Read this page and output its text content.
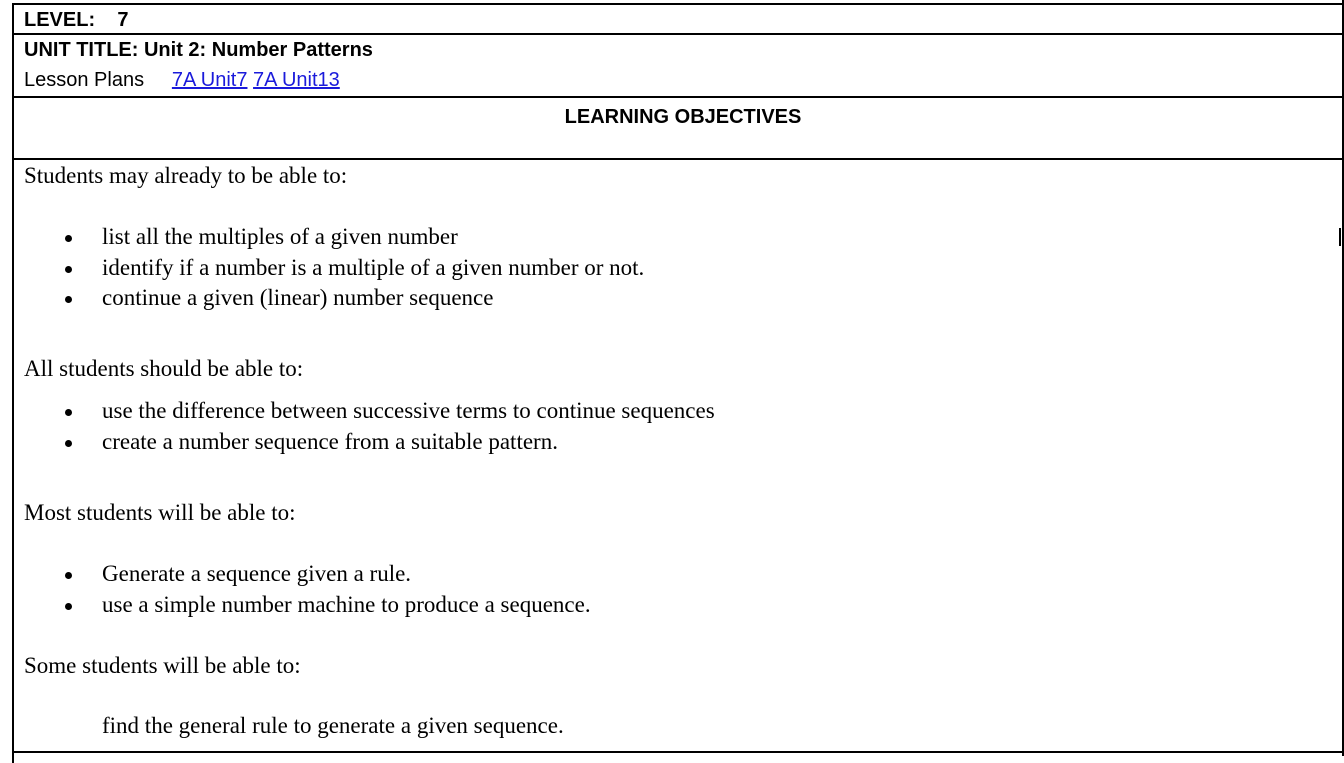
LEVEL: 7
UNIT TITLE: Unit 2: Number Patterns
Lesson Plans 7A Unit7 7A Unit13
LEARNING OBJECTIVES

Students may already to be able to:

list all the multiples of a given number
identify if a number is a multiple of a given number or not.
continue a given (linear) number sequence

All students should be able to:

use the difference between successive terms to continue sequences
create a number sequence from a suitable pattern.

Most students will be able to:

Generate a sequence given a rule.
use a simple number machine to produce a sequence.

Some students will be able to:

find the general rule to generate a given sequence.
